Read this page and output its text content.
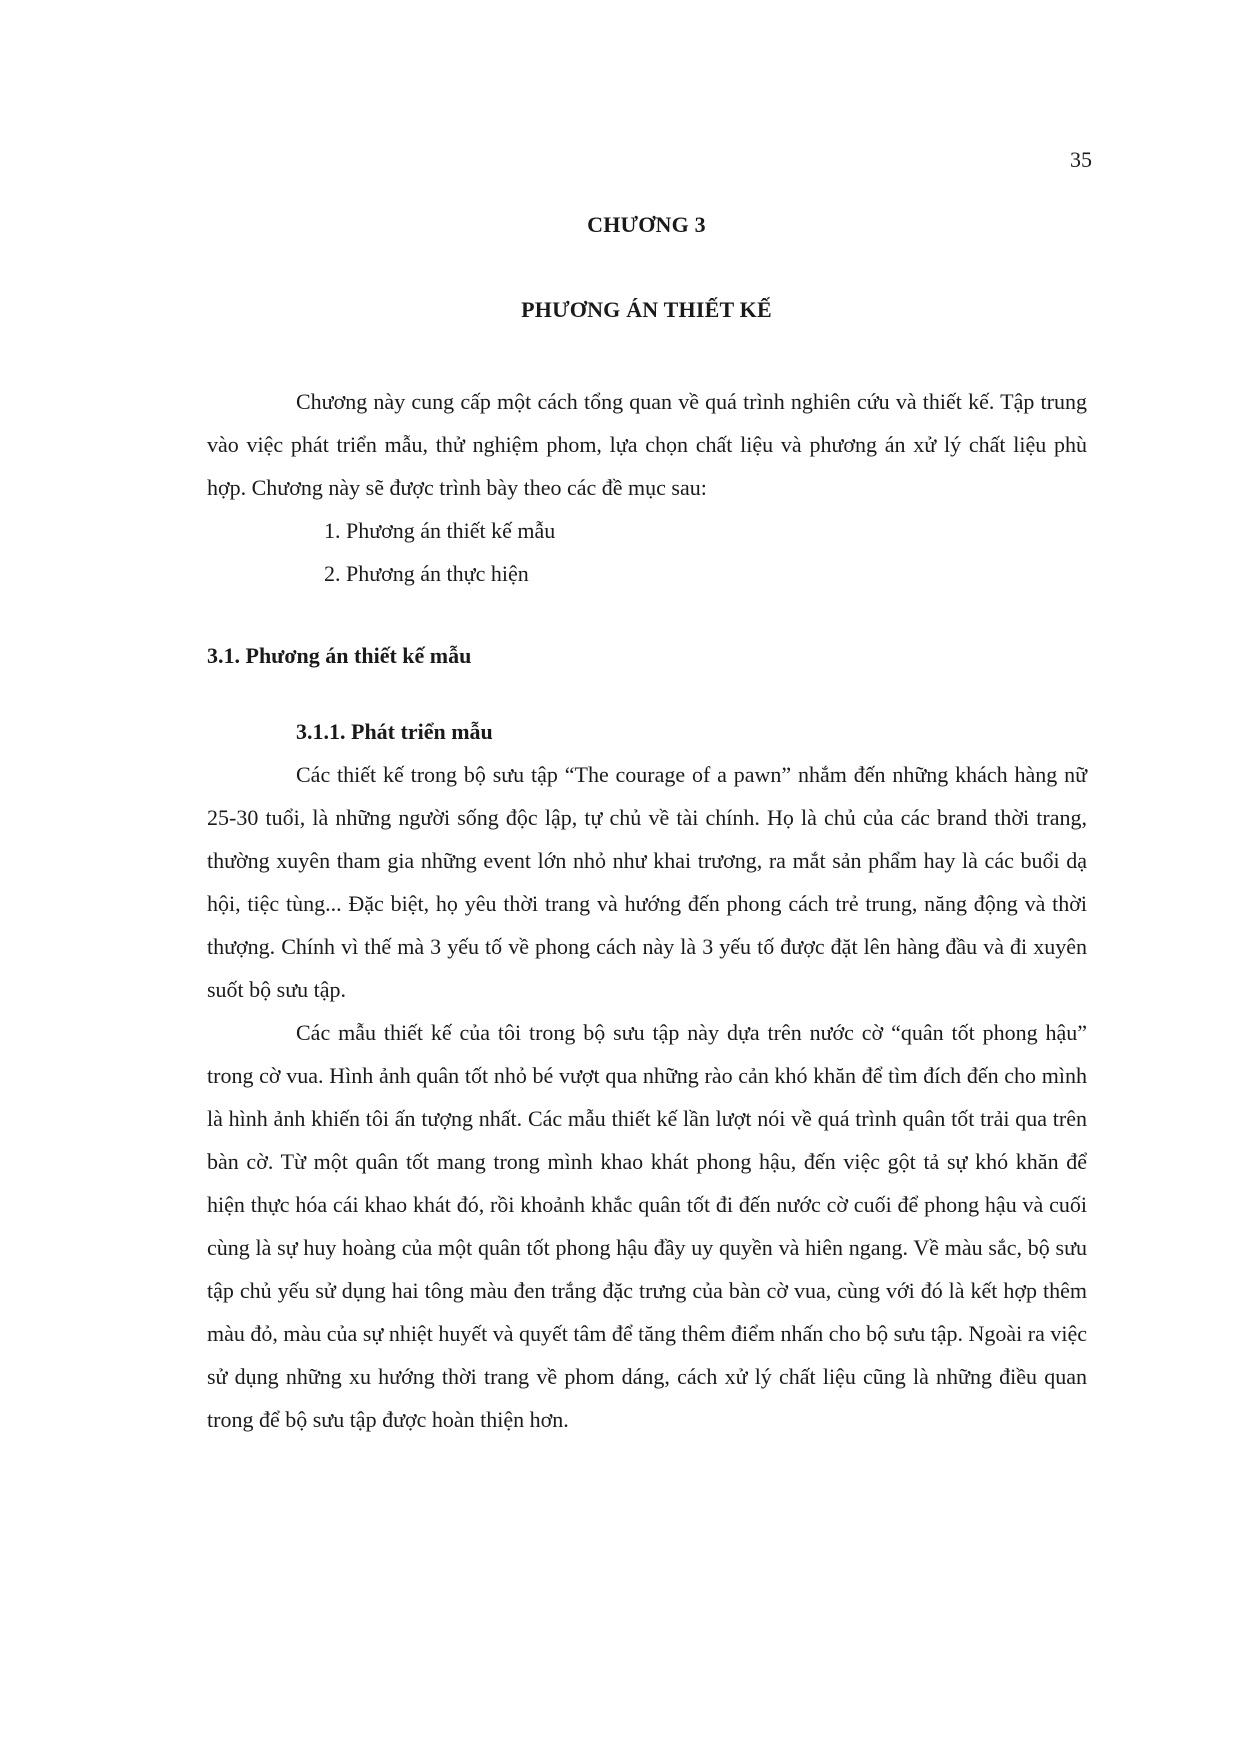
35
CHƯƠNG 3
PHƯƠNG ÁN THIẾT KẾ

Chương này cung cấp một cách tổng quan về quá trình nghiên cứu và thiết kế. Tập trung vào việc phát triển mẫu, thử nghiệm phom, lựa chọn chất liệu và phương án xử lý chất liệu phù hợp. Chương này sẽ được trình bày theo các đề mục sau:

1. Phương án thiết kế mẫu
2. Phương án thực hiện
3.1. Phương án thiết kế mẫu
3.1.1. Phát triển mẫu

Các thiết kế trong bộ sưu tập “The courage of a pawn” nhắm đến những khách hàng nữ 25-30 tuổi, là những người sống độc lập, tự chủ về tài chính. Họ là chủ của các brand thời trang, thường xuyên tham gia những event lớn nhỏ như khai trương, ra mắt sản phẩm hay là các buổi dạ hội, tiệc tùng... Đặc biệt, họ yêu thời trang và hướng đến phong cách trẻ trung, năng động và thời thượng. Chính vì thế mà 3 yếu tố về phong cách này là 3 yếu tố được đặt lên hàng đầu và đi xuyên suốt bộ sưu tập.

Các mẫu thiết kế của tôi trong bộ sưu tập này dựa trên nước cờ “quân tốt phong hậu” trong cờ vua. Hình ảnh quân tốt nhỏ bé vượt qua những rào cản khó khăn để tìm đích đến cho mình là hình ảnh khiến tôi ấn tượng nhất. Các mẫu thiết kế lần lượt nói về quá trình quân tốt trải qua trên bàn cờ. Từ một quân tốt mang trong mình khao khát phong hậu, đến việc gột tả sự khó khăn để hiện thực hóa cái khao khát đó, rồi khoảnh khắc quân tốt đi đến nước cờ cuối để phong hậu và cuối cùng là sự huy hoàng của một quân tốt phong hậu đầy uy quyền và hiên ngang. Về màu sắc, bộ sưu tập chủ yếu sử dụng hai tông màu đen trắng đặc trưng của bàn cờ vua, cùng với đó là kết hợp thêm màu đỏ, màu của sự nhiệt huyết và quyết tâm để tăng thêm điểm nhấn cho bộ sưu tập. Ngoài ra việc sử dụng những xu hướng thời trang về phom dáng, cách xử lý chất liệu cũng là những điều quan trong để bộ sưu tập được hoàn thiện hơn.
